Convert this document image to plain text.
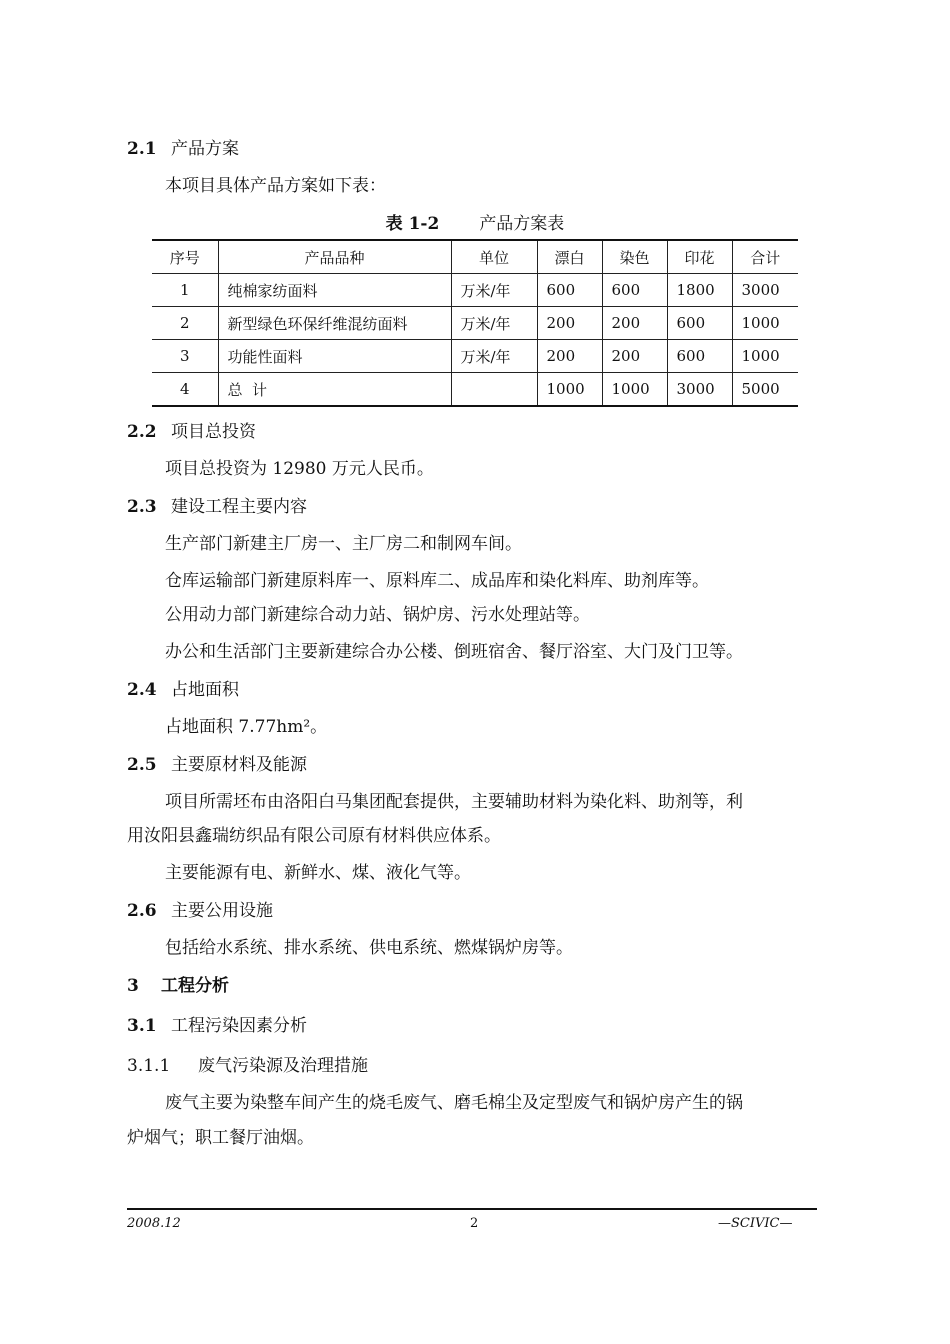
2.1 产品方案
本项目具体产品方案如下表：
表 1-2 产品方案表
序号	产品品种	单位	漂白	染色	印花	合计
1	纯棉家纺面料	万米/年	600	600	1800	3000
2	新型绿色环保纤维混纺面料	万米/年	200	200	600	1000
3	功能性面料	万米/年	200	200	600	1000
4	总  计		1000	1000	3000	5000
2.2 项目总投资
项目总投资为 12980 万元人民币。
2.3 建设工程主要内容
生产部门新建主厂房一、主厂房二和制网车间。
仓库运输部门新建原料库一、原料库二、成品库和染化料库、助剂库等。
公用动力部门新建综合动力站、锅炉房、污水处理站等。
办公和生活部门主要新建综合办公楼、倒班宿舍、餐厅浴室、大门及门卫等。
2.4 占地面积
占地面积 7.77hm²。
2.5 主要原材料及能源
项目所需坯布由洛阳白马集团配套提供，主要辅助材料为染化料、助剂等，利
用汝阳县鑫瑞纺织品有限公司原有材料供应体系。
主要能源有电、新鲜水、煤、液化气等。
2.6 主要公用设施
包括给水系统、排水系统、供电系统、燃煤锅炉房等。
3 工程分析
3.1 工程污染因素分析
3.1.1 废气污染源及治理措施
废气主要为染整车间产生的烧毛废气、磨毛棉尘及定型废气和锅炉房产生的锅
炉烟气；职工餐厅油烟。
2008.12	2	—SCIVIC—
